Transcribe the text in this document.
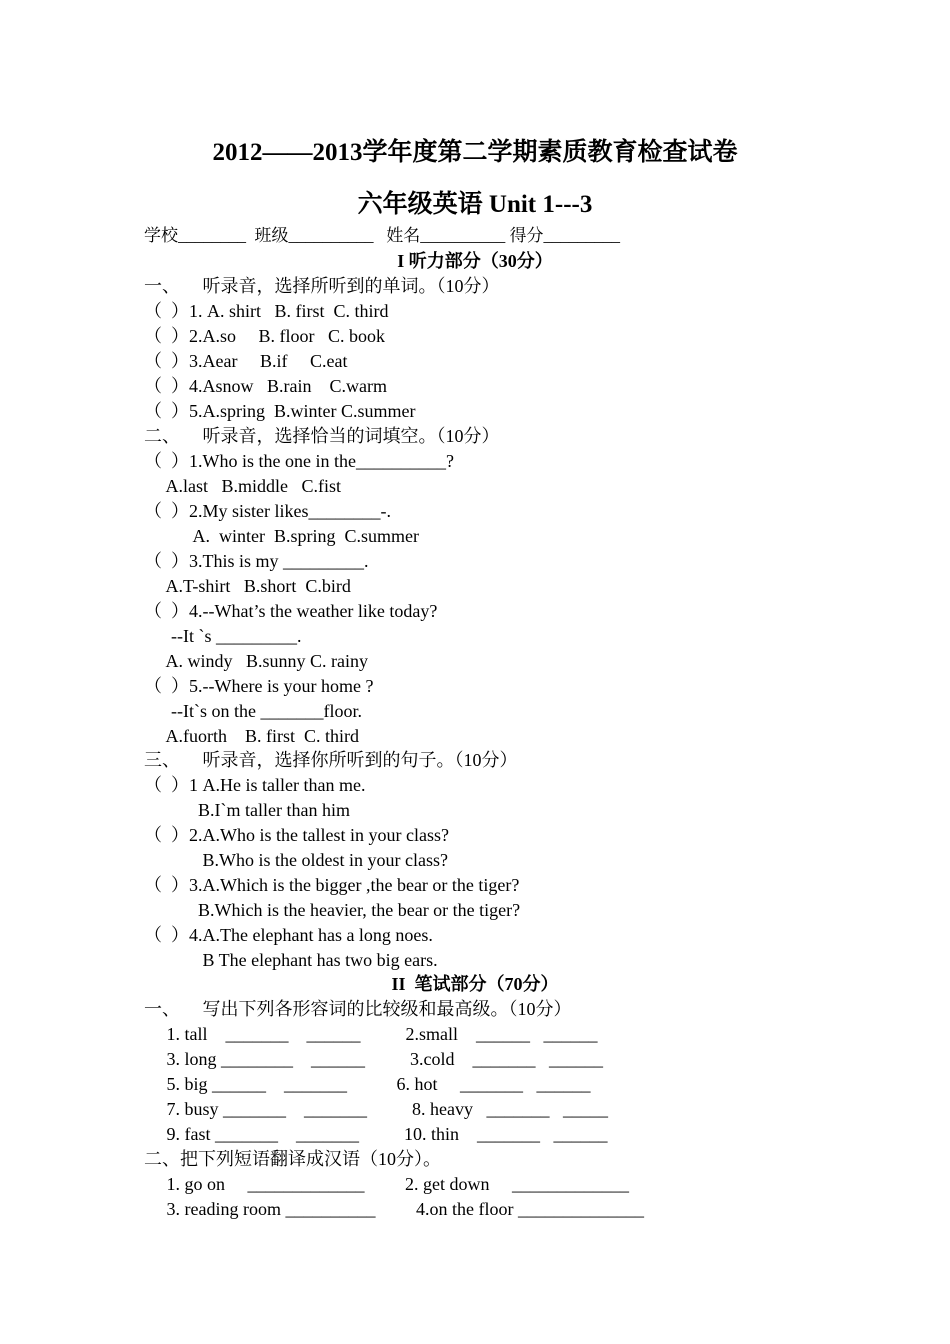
2012——2013学年度第二学期素质教育检查试卷
六年级英语 Unit 1---3
学校________  班级__________   姓名__________ 得分_________
I 听力部分（30分）
一、     听录音，选择所听到的单词。（10分）
（  ）1. A. shirt   B. first  C. third
（  ）2.A.so     B. floor   C. book
（  ）3.Aear     B.if     C.eat
（  ）4.Asnow   B.rain    C.warm
（  ）5.A.spring  B.winter C.summer
二、     听录音，选择恰当的词填空。（10分）
（  ）1.Who is the one in the__________?
A.last   B.middle   C.fist
（  ）2.My sister likes________-.
A.  winter  B.spring  C.summer
（  ）3.This is my _________.
A.T-shirt   B.short  C.bird
（  ）4.--What’s the weather like today?
--It `s _________.
A. windy   B.sunny C. rainy
（  ）5.--Where is your home ?
--It`s on the _______floor.
A.fuorth    B. first  C. third
三、     听录音，选择你所听到的句子。（10分）
（  ）1 A.He is taller than me.
B.I`m taller than him
（  ）2.A.Who is the tallest in your class?
B.Who is the oldest in your class?
（  ）3.A.Which is the bigger ,the bear or the tiger?
B.Which is the heavier, the bear or the tiger?
（  ）4.A.The elephant has a long noes.
B The elephant has two big ears.
II  笔试部分（70分）
一、     写出下列各形容词的比较级和最高级。（10分）
1. tall    _______    ______          2.small    ______   ______
3. long ________    ______          3.cold    _______   ______
5. big ______    _______           6. hot     _______   ______
7. busy _______    _______          8. heavy   _______   _____
9. fast _______    _______          10. thin    _______   ______
二、把下列短语翻译成汉语（10分）。
1. go on     _____________         2. get down     _____________
3. reading room __________         4.on the floor ______________
